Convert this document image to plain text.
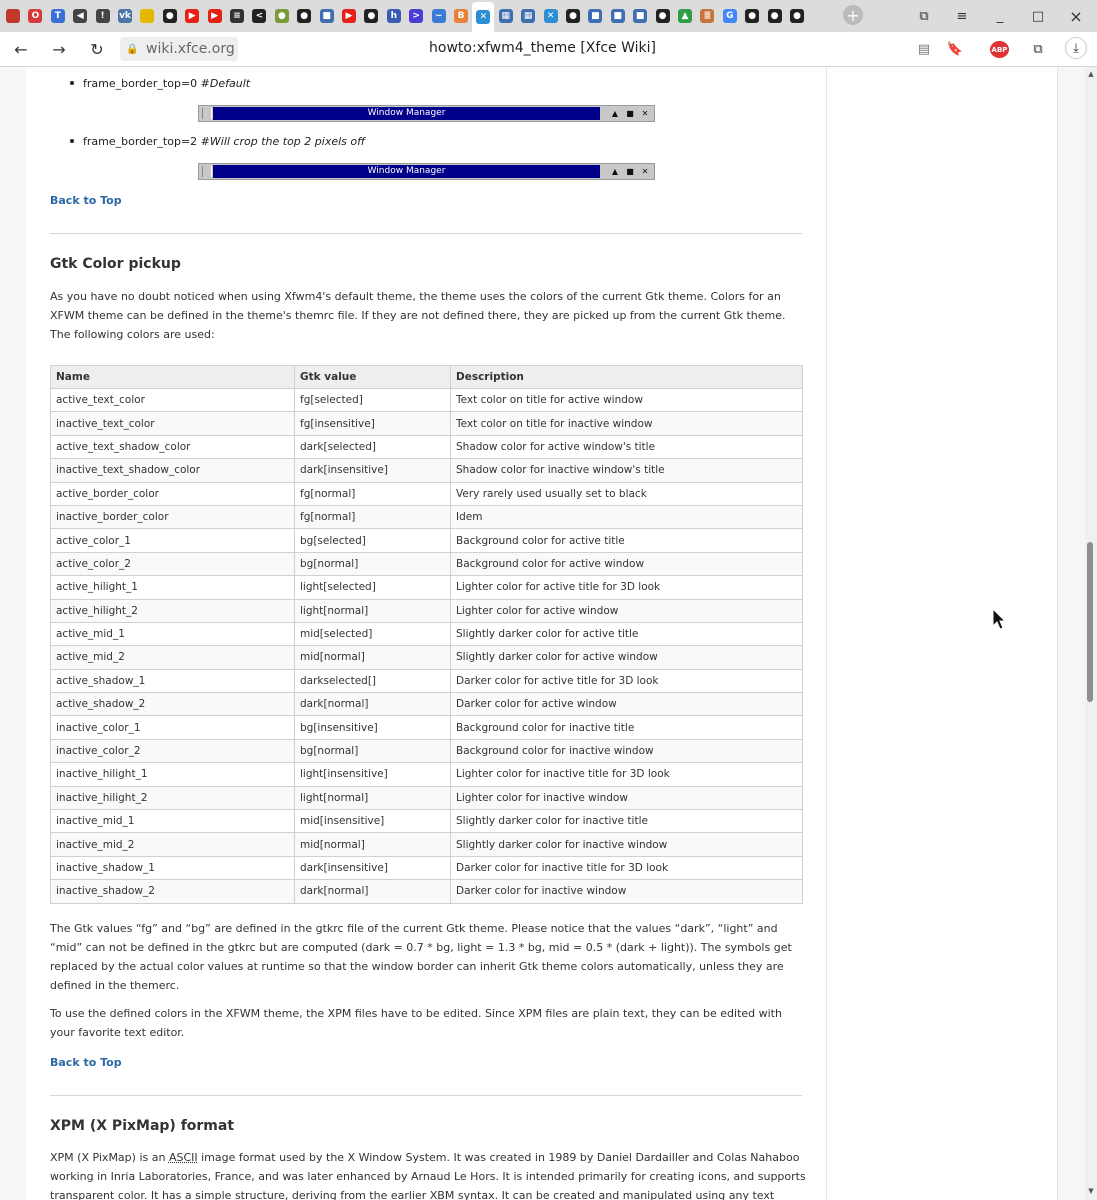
O	T	◀	!	vk	●	▶	▶	≡	<	●	●	■	▶	●	h	>	~	B	✕	▦	▦	✕	●	■	■	■	●	▲	≣	G	●	●	●	+	⧉ ≡ _ □ ×
← → ↻ 🔒 wiki.xfce.org	howto:xfwm4_theme [Xfce Wiki]	▤ 🔖	ABP ⧉ ⤓
frame_border_top=0 #Default
Window Manager	▲	■ ✕
frame_border_top=2 #Will crop the top 2 pixels off
Window Manager	▲	■ ✕
Back to Top
Gtk Color pickup

As you have no doubt noticed when using Xfwm4's default theme, the theme uses the colors of the current Gtk theme. Colors for an XFWM theme can be defined in the theme's themrc file. If they are not defined there, they are picked up from the current Gtk theme. The following colors are used:

Name	Gtk value	Description
active_text_color	fg[selected]	Text color on title for active window
inactive_text_color	fg[insensitive]	Text color on title for inactive window
active_text_shadow_color	dark[selected]	Shadow color for active window's title
inactive_text_shadow_color	dark[insensitive]	Shadow color for inactive window's title
active_border_color	fg[normal]	Very rarely used usually set to black
inactive_border_color	fg[normal]	Idem
active_color_1	bg[selected]	Background color for active title
active_color_2	bg[normal]	Background color for active window
active_hilight_1	light[selected]	Lighter color for active title for 3D look
active_hilight_2	light[normal]	Lighter color for active window
active_mid_1	mid[selected]	Slightly darker color for active title
active_mid_2	mid[normal]	Slightly darker color for active window
active_shadow_1	darkselected[]	Darker color for active title for 3D look
active_shadow_2	dark[normal]	Darker color for active window
inactive_color_1	bg[insensitive]	Background color for inactive title
inactive_color_2	bg[normal]	Background color for inactive window
inactive_hilight_1	light[insensitive]	Lighter color for inactive title for 3D look
inactive_hilight_2	light[normal]	Lighter color for inactive window
inactive_mid_1	mid[insensitive]	Slightly darker color for inactive title
inactive_mid_2	mid[normal]	Slightly darker color for inactive window
inactive_shadow_1	dark[insensitive]	Darker color for inactive title for 3D look
inactive_shadow_2	dark[normal]	Darker color for inactive window

The Gtk values “fg” and “bg” are defined in the gtkrc file of the current Gtk theme. Please notice that the values “dark”, “light” and “mid” can not be defined in the gtkrc but are computed (dark = 0.7 * bg, light = 1.3 * bg, mid = 0.5 * (dark + light)). The symbols get replaced by the actual color values at runtime so that the window border can inherit Gtk theme colors automatically, unless they are defined in the themerc.

To use the defined colors in the XFWM theme, the XPM files have to be edited. Since XPM files are plain text, they can be edited with your favorite text editor.

Back to Top
XPM (X PixMap) format

XPM (X PixMap) is an ASCII image format used by the X Window System. It was created in 1989 by Daniel Dardailler and Colas Nahaboo working in Inria Laboratories, France, and was later enhanced by Arnaud Le Hors. It is intended primarily for creating icons, and supports transparent color. It has a simple structure, deriving from the earlier XBM syntax. It can be created and manipulated using any text

▲
▼
